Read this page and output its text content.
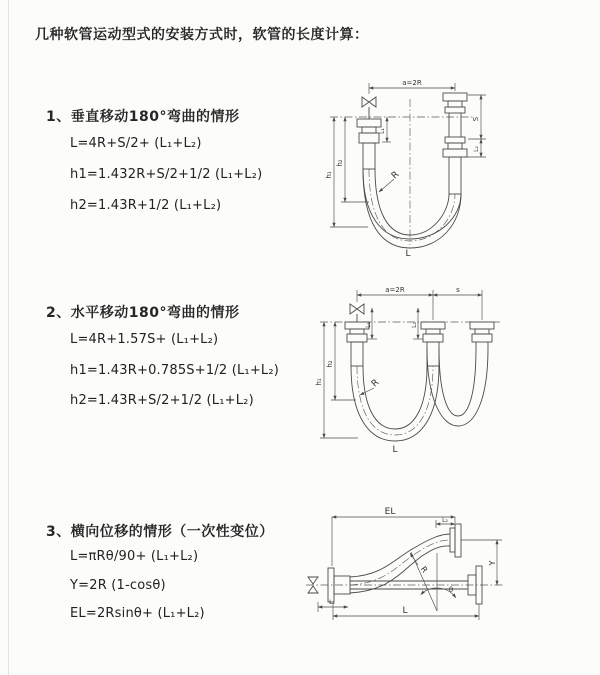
几种软管运动型式的安装方式时，软管的长度计算：
1、垂直移动180°弯曲的情形
L=4R+S/2+ (L₁+L₂)
h1=1.432R+S/2+1/2 (L₁+L₂)
h2=1.43R+1/2 (L₁+L₂)
2、水平移动180°弯曲的情形
L=4R+1.57S+ (L₁+L₂)
h1=1.43R+0.785S+1/2 (L₁+L₂)
h2=1.43R+S/2+1/2 (L₁+L₂)
3、横向位移的情形（一次性变位）
L=πRθ/90+ (L₁+L₂)
Y=2R (1-cosθ)
EL=2Rsinθ+ (L₁+L₂)
a=2R
h₁
h₂
S
L₂
L₁
R
L
a=2R	s
L₁	L₂
h₁
h₂
R
L
EL
L₂
Y
θ
R
L₁
L
